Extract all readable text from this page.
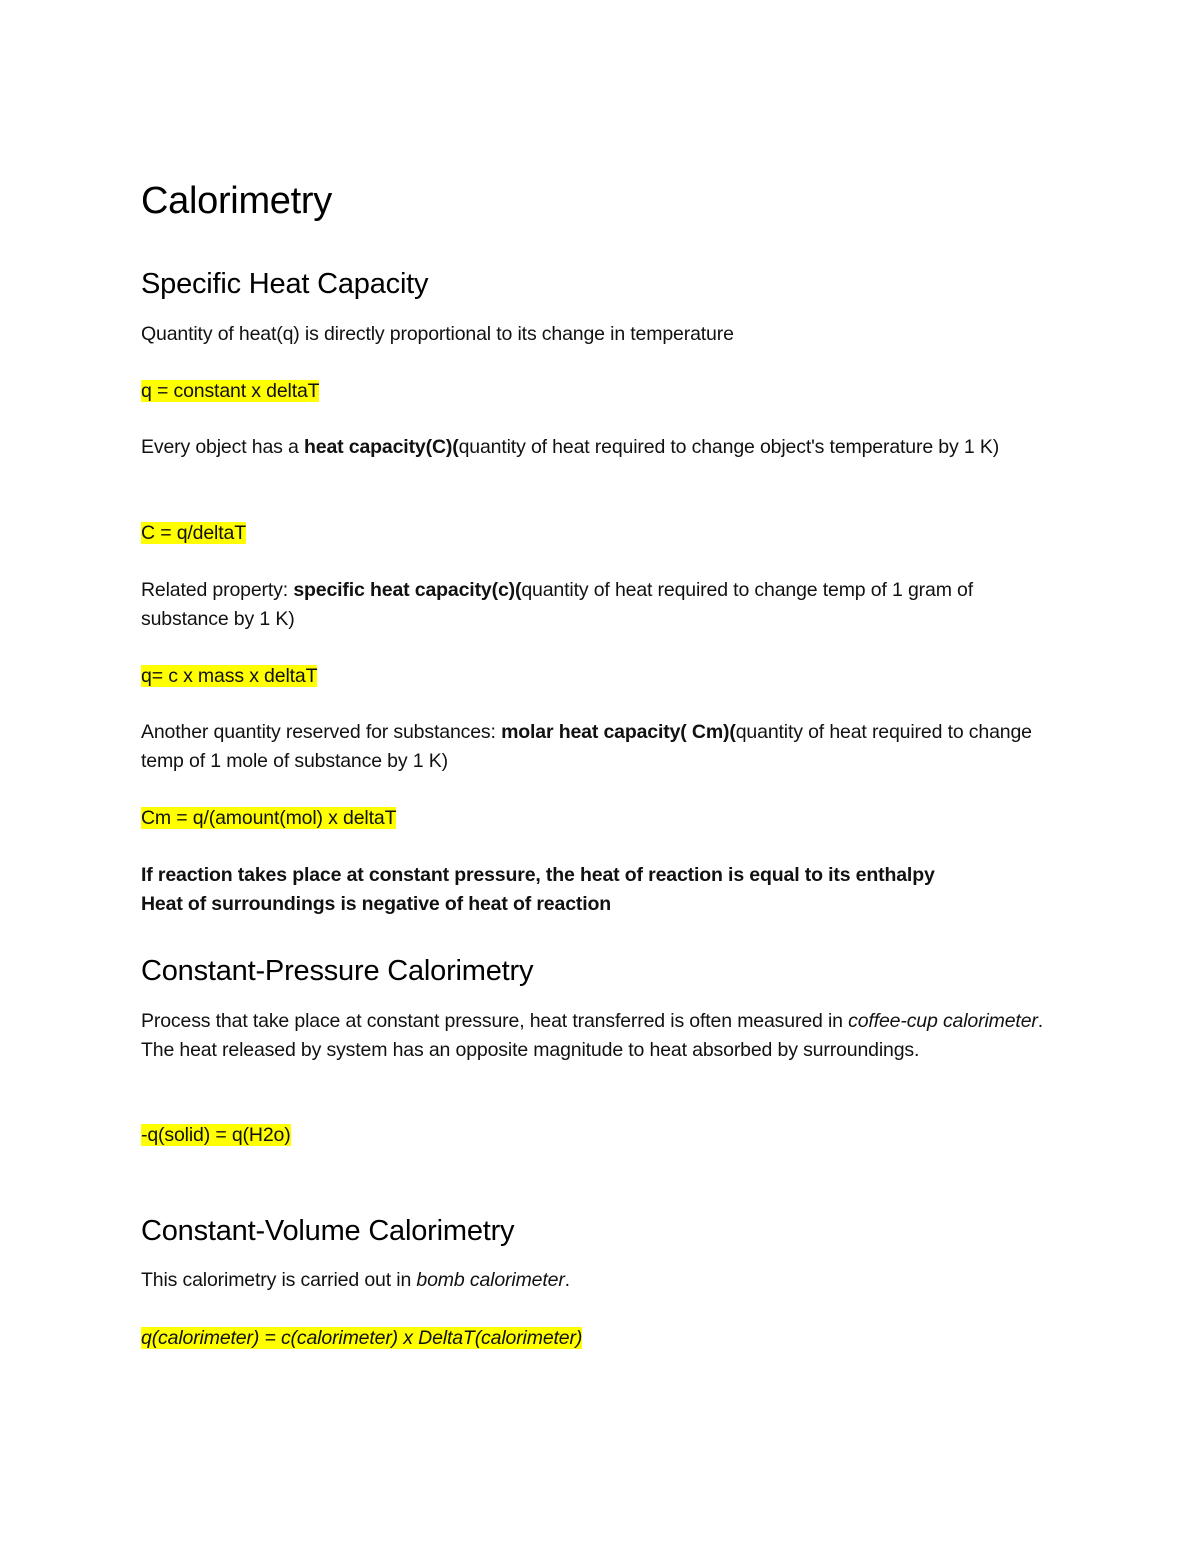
Calorimetry
Specific Heat Capacity

Quantity of heat(q) is directly proportional to its change in temperature

q = constant x deltaT

Every object has a heat capacity(C)(quantity of heat required to change object's temperature by 1 K)

C = q/deltaT

Related property: specific heat capacity(c)(quantity of heat required to change temp of 1 gram of substance by 1 K)

q= c x mass x deltaT

Another quantity reserved for substances: molar heat capacity( Cm)(quantity of heat required to change temp of 1 mole of substance by 1 K)

Cm = q/(amount(mol) x deltaT

If reaction takes place at constant pressure, the heat of reaction is equal to its enthalpy
Heat of surroundings is negative of heat of reaction

Constant-Pressure Calorimetry

Process that take place at constant pressure, heat transferred is often measured in coffee-cup calorimeter. The heat released by system has an opposite magnitude to heat absorbed by surroundings.

-q(solid) = q(H2o)

Constant-Volume Calorimetry

This calorimetry is carried out in bomb calorimeter.

q(calorimeter) = c(calorimeter) x DeltaT(calorimeter)
